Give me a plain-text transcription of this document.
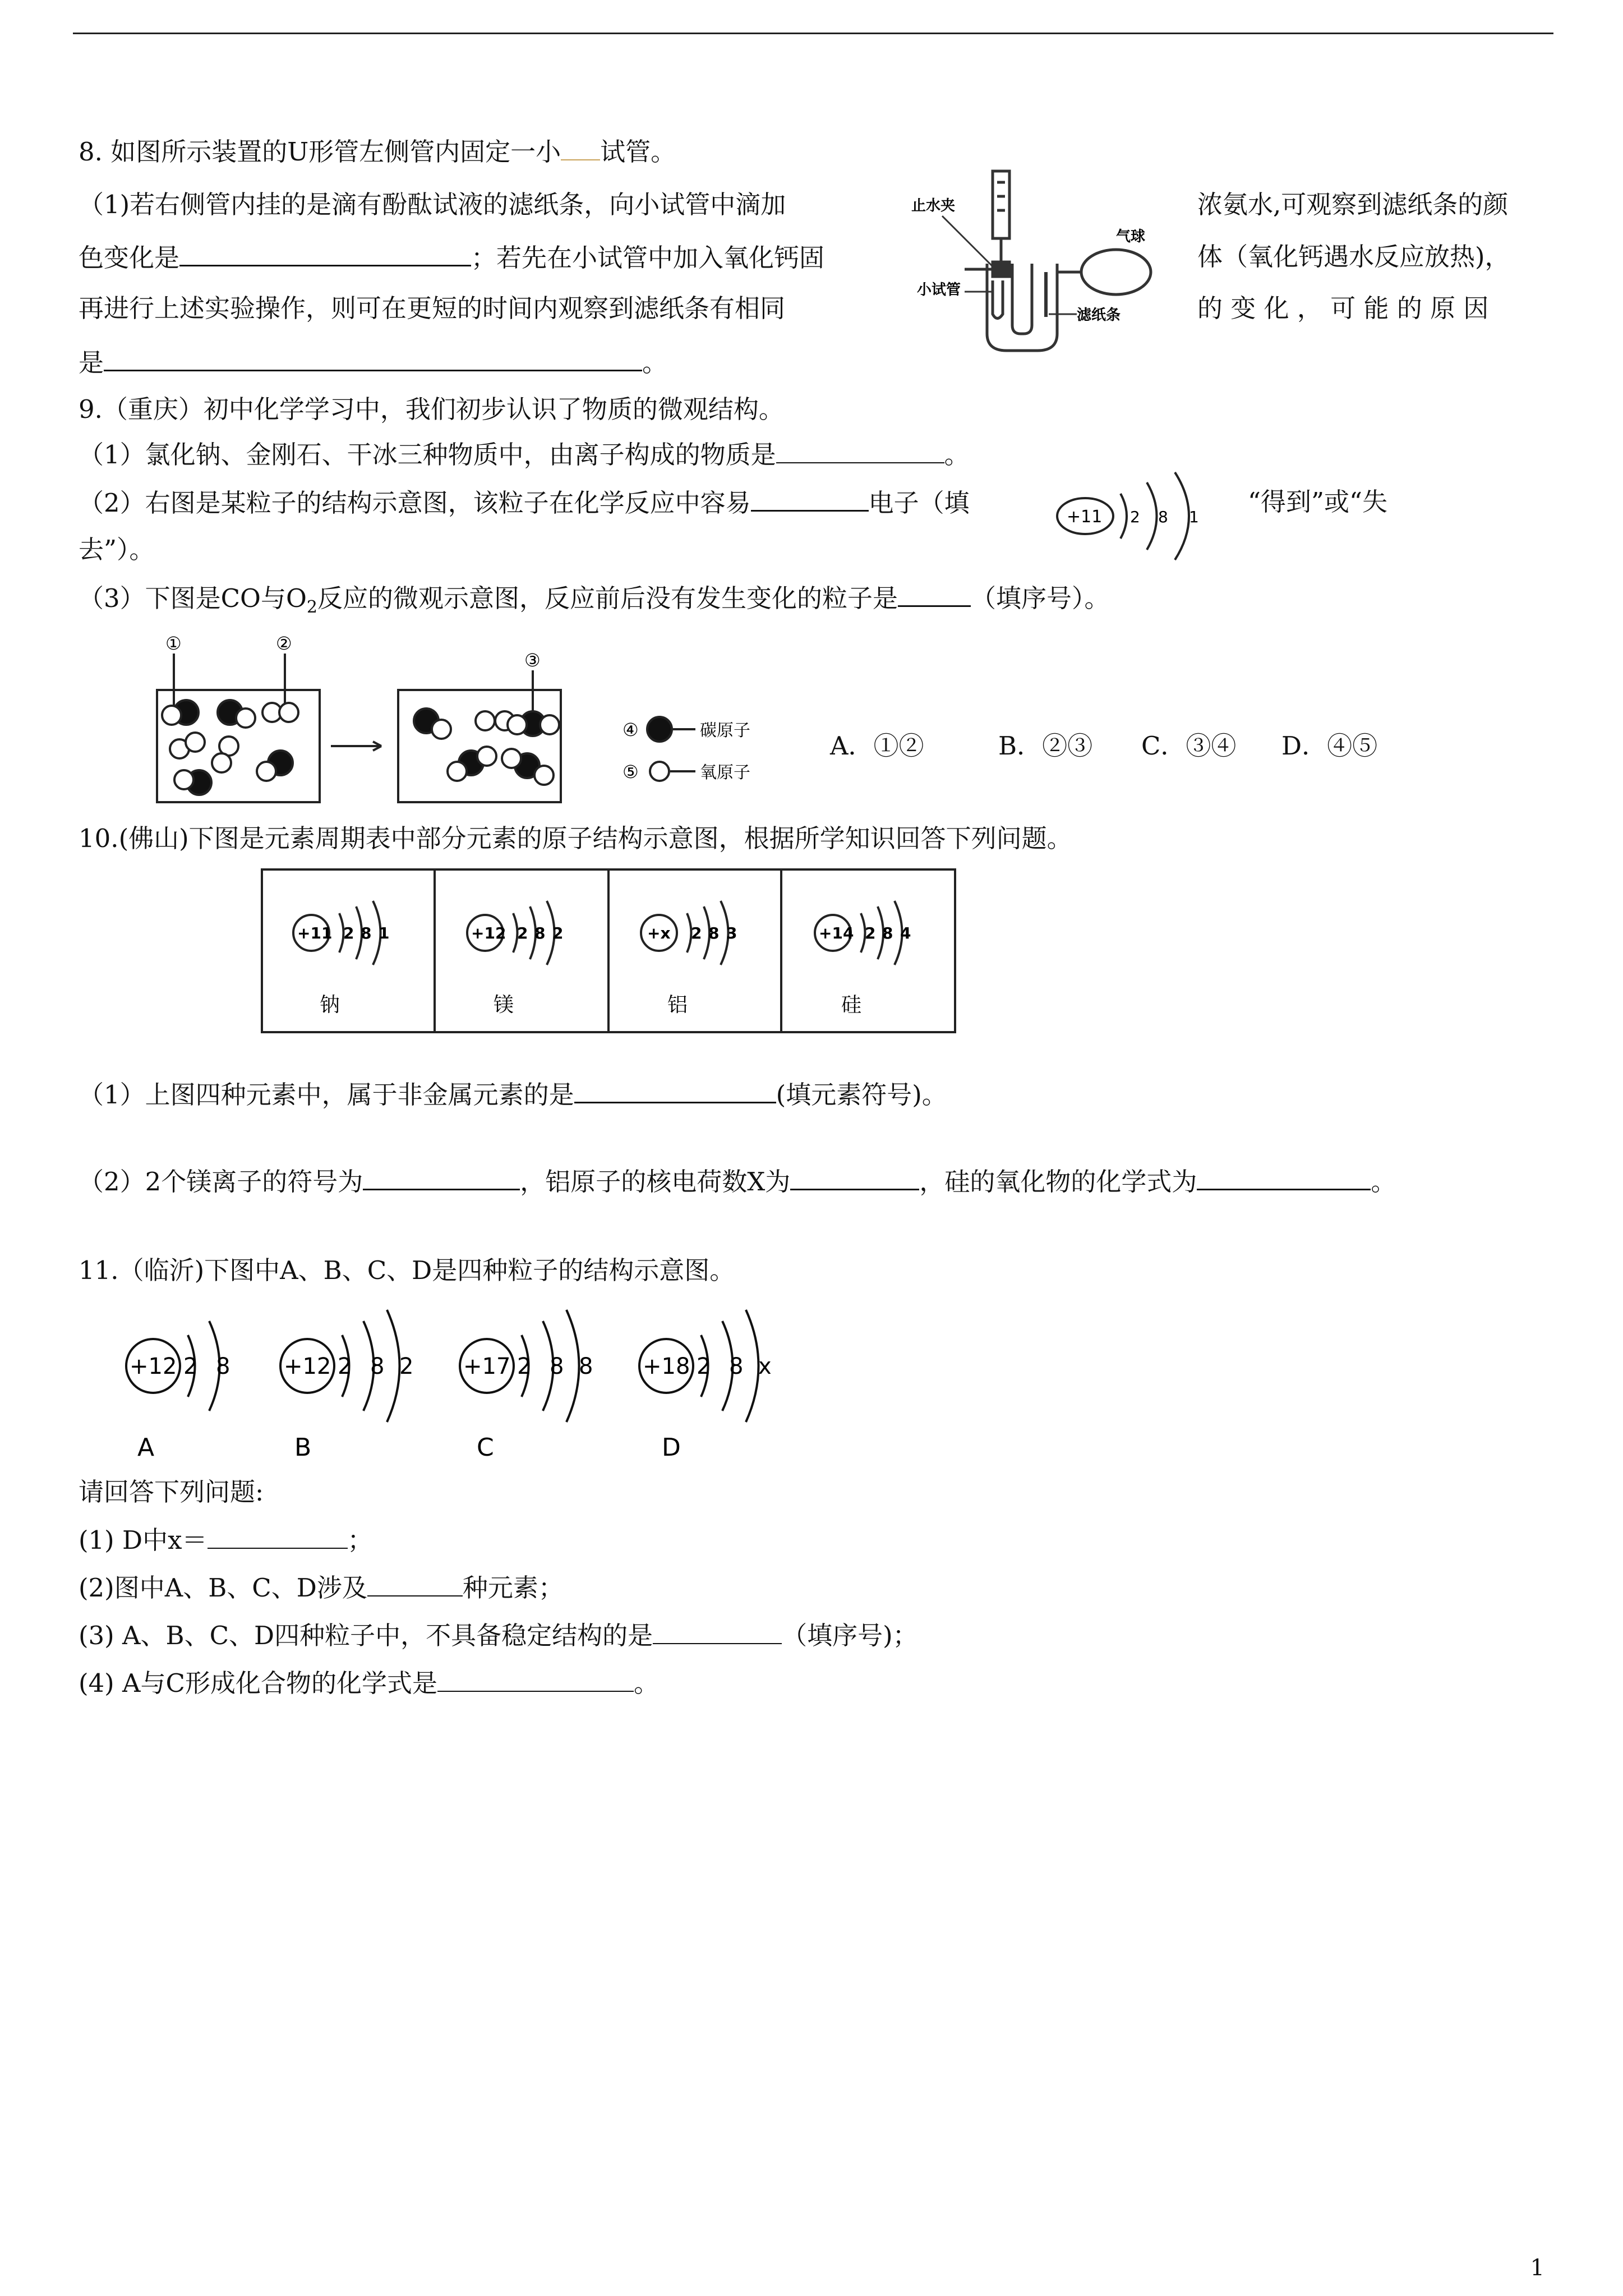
8. 如图所示装置的U形管左侧管内固定一小 试管。
（1)若右侧管内挂的是滴有酚酞试液的滤纸条，向小试管中滴加	浓氨水,可观察到滤纸条的颜
色变化是	；若先在小试管中加入氧化钙固	体（氧化钙遇水反应放热)，
再进行上述实验操作，则可在更短的时间内观察到滤纸条有相同	的 变 化 ， 可 能 的 原 因
是	。
止水夹
气球
小试管
滤纸条
9.（重庆）初中化学学习中，我们初步认识了物质的微观结构。
（1）氯化钠、金刚石、干冰三种物质中，由离子构成的物质是	。
（2）右图是某粒子的结构示意图，该粒子在化学反应中容易	电子（填	“得到”或“失
去”）。
+11 2 8 1
（3）下图是CO与$O_2$反应的微观示意图，反应前后没有发生变化的粒子是	（填序号）。
①	②
③
④
⑤
碳原子
氧原子
A．①②	B．②③ C．③④ D．④⑤
10.(佛山)下图是元素周期表中部分元素的原子结构示意图，根据所学知识回答下列问题。
+11 2 8 1
钠
+12 2 8 2
镁
+x 2 8 3
铝
+14 2 8 4
硅
（1）上图四种元素中，属于非金属元素的是	(填元素符号)。
（2）2个镁离子的符号为	，铝原子的核电荷数X为	，硅的氧化物的化学式为	。
11.（临沂)下图中A、B、C、D是四种粒子的结构示意图。
+12 2 8
A
+12 2 8 2
B
+17 2 8 8
C
+18 2 8 x
D
请回答下列问题:
(1) D中x＝	；
(2)图中A、B、C、D涉及	种元素；
(3) A、B、C、D四种粒子中，不具备稳定结构的是	（填序号)；
(4) A与C形成化合物的化学式是	。
1
